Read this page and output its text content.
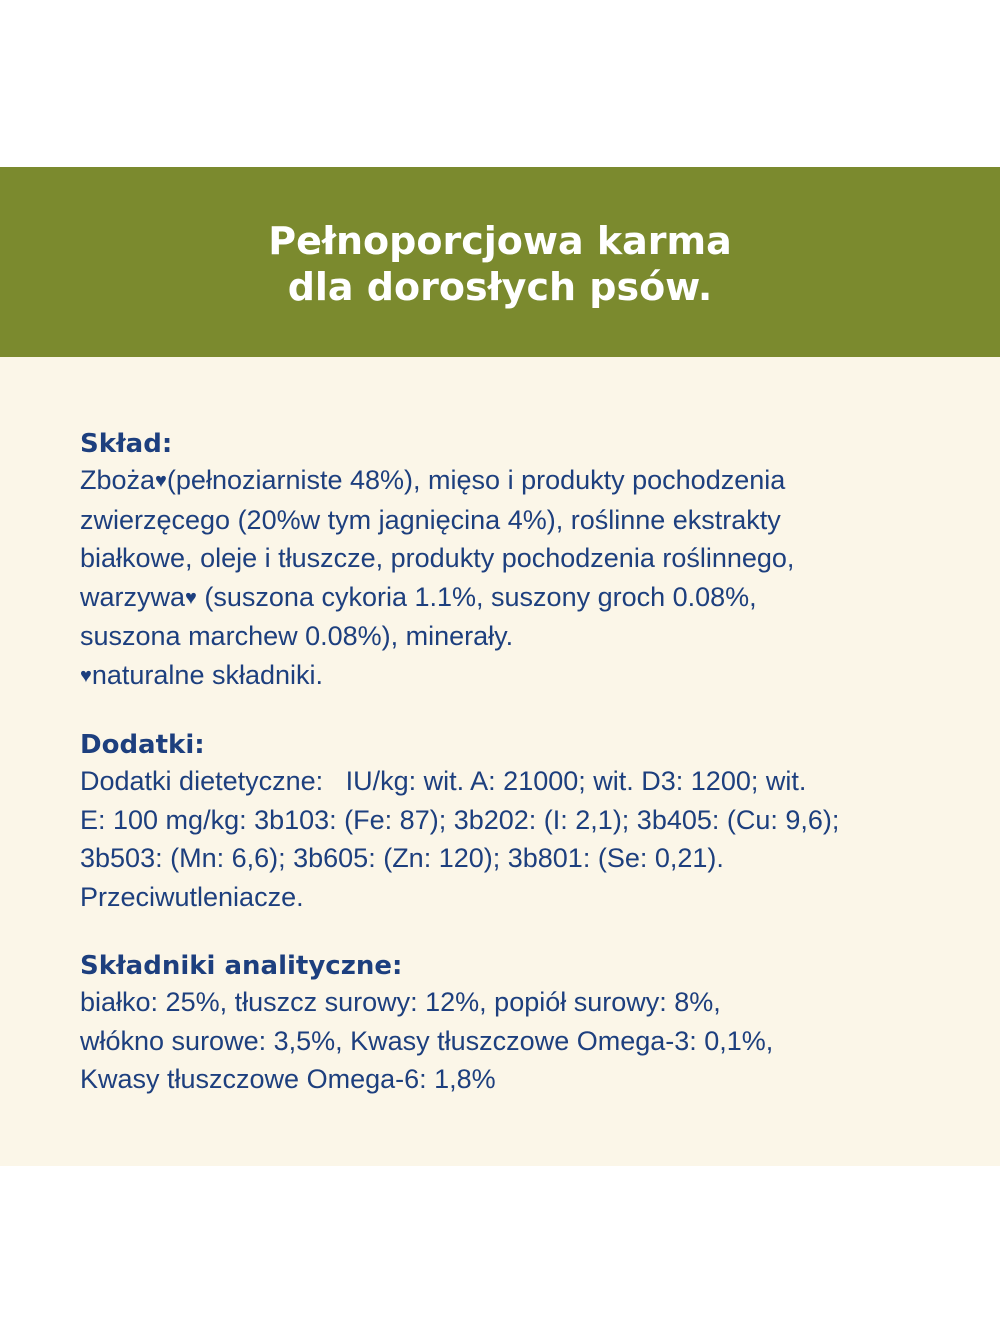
Pełnoporcjowa karma
dla dorosłych psów.
Skład:
Zboża♥(pełnoziarniste 48%), mięso i produkty pochodzenia
zwierzęcego (20%w tym jagnięcina 4%), roślinne ekstrakty
białkowe, oleje i tłuszcze, produkty pochodzenia roślinnego,
warzywa♥ (suszona cykoria 1.1%, suszony groch 0.08%,
suszona marchew 0.08%), minerały.
♥naturalne składniki.
Dodatki:
Dodatki dietetyczne:   IU/kg: wit. A: 21000; wit. D3: 1200; wit.
E: 100 mg/kg: 3b103: (Fe: 87); 3b202: (I: 2,1); 3b405: (Cu: 9,6);
3b503: (Mn: 6,6); 3b605: (Zn: 120); 3b801: (Se: 0,21).
Przeciwutleniacze.
Składniki analityczne:
białko: 25%, tłuszcz surowy: 12%, popiół surowy: 8%,
włókno surowe: 3,5%, Kwasy tłuszczowe Omega-3: 0,1%,
Kwasy tłuszczowe Omega-6: 1,8%
